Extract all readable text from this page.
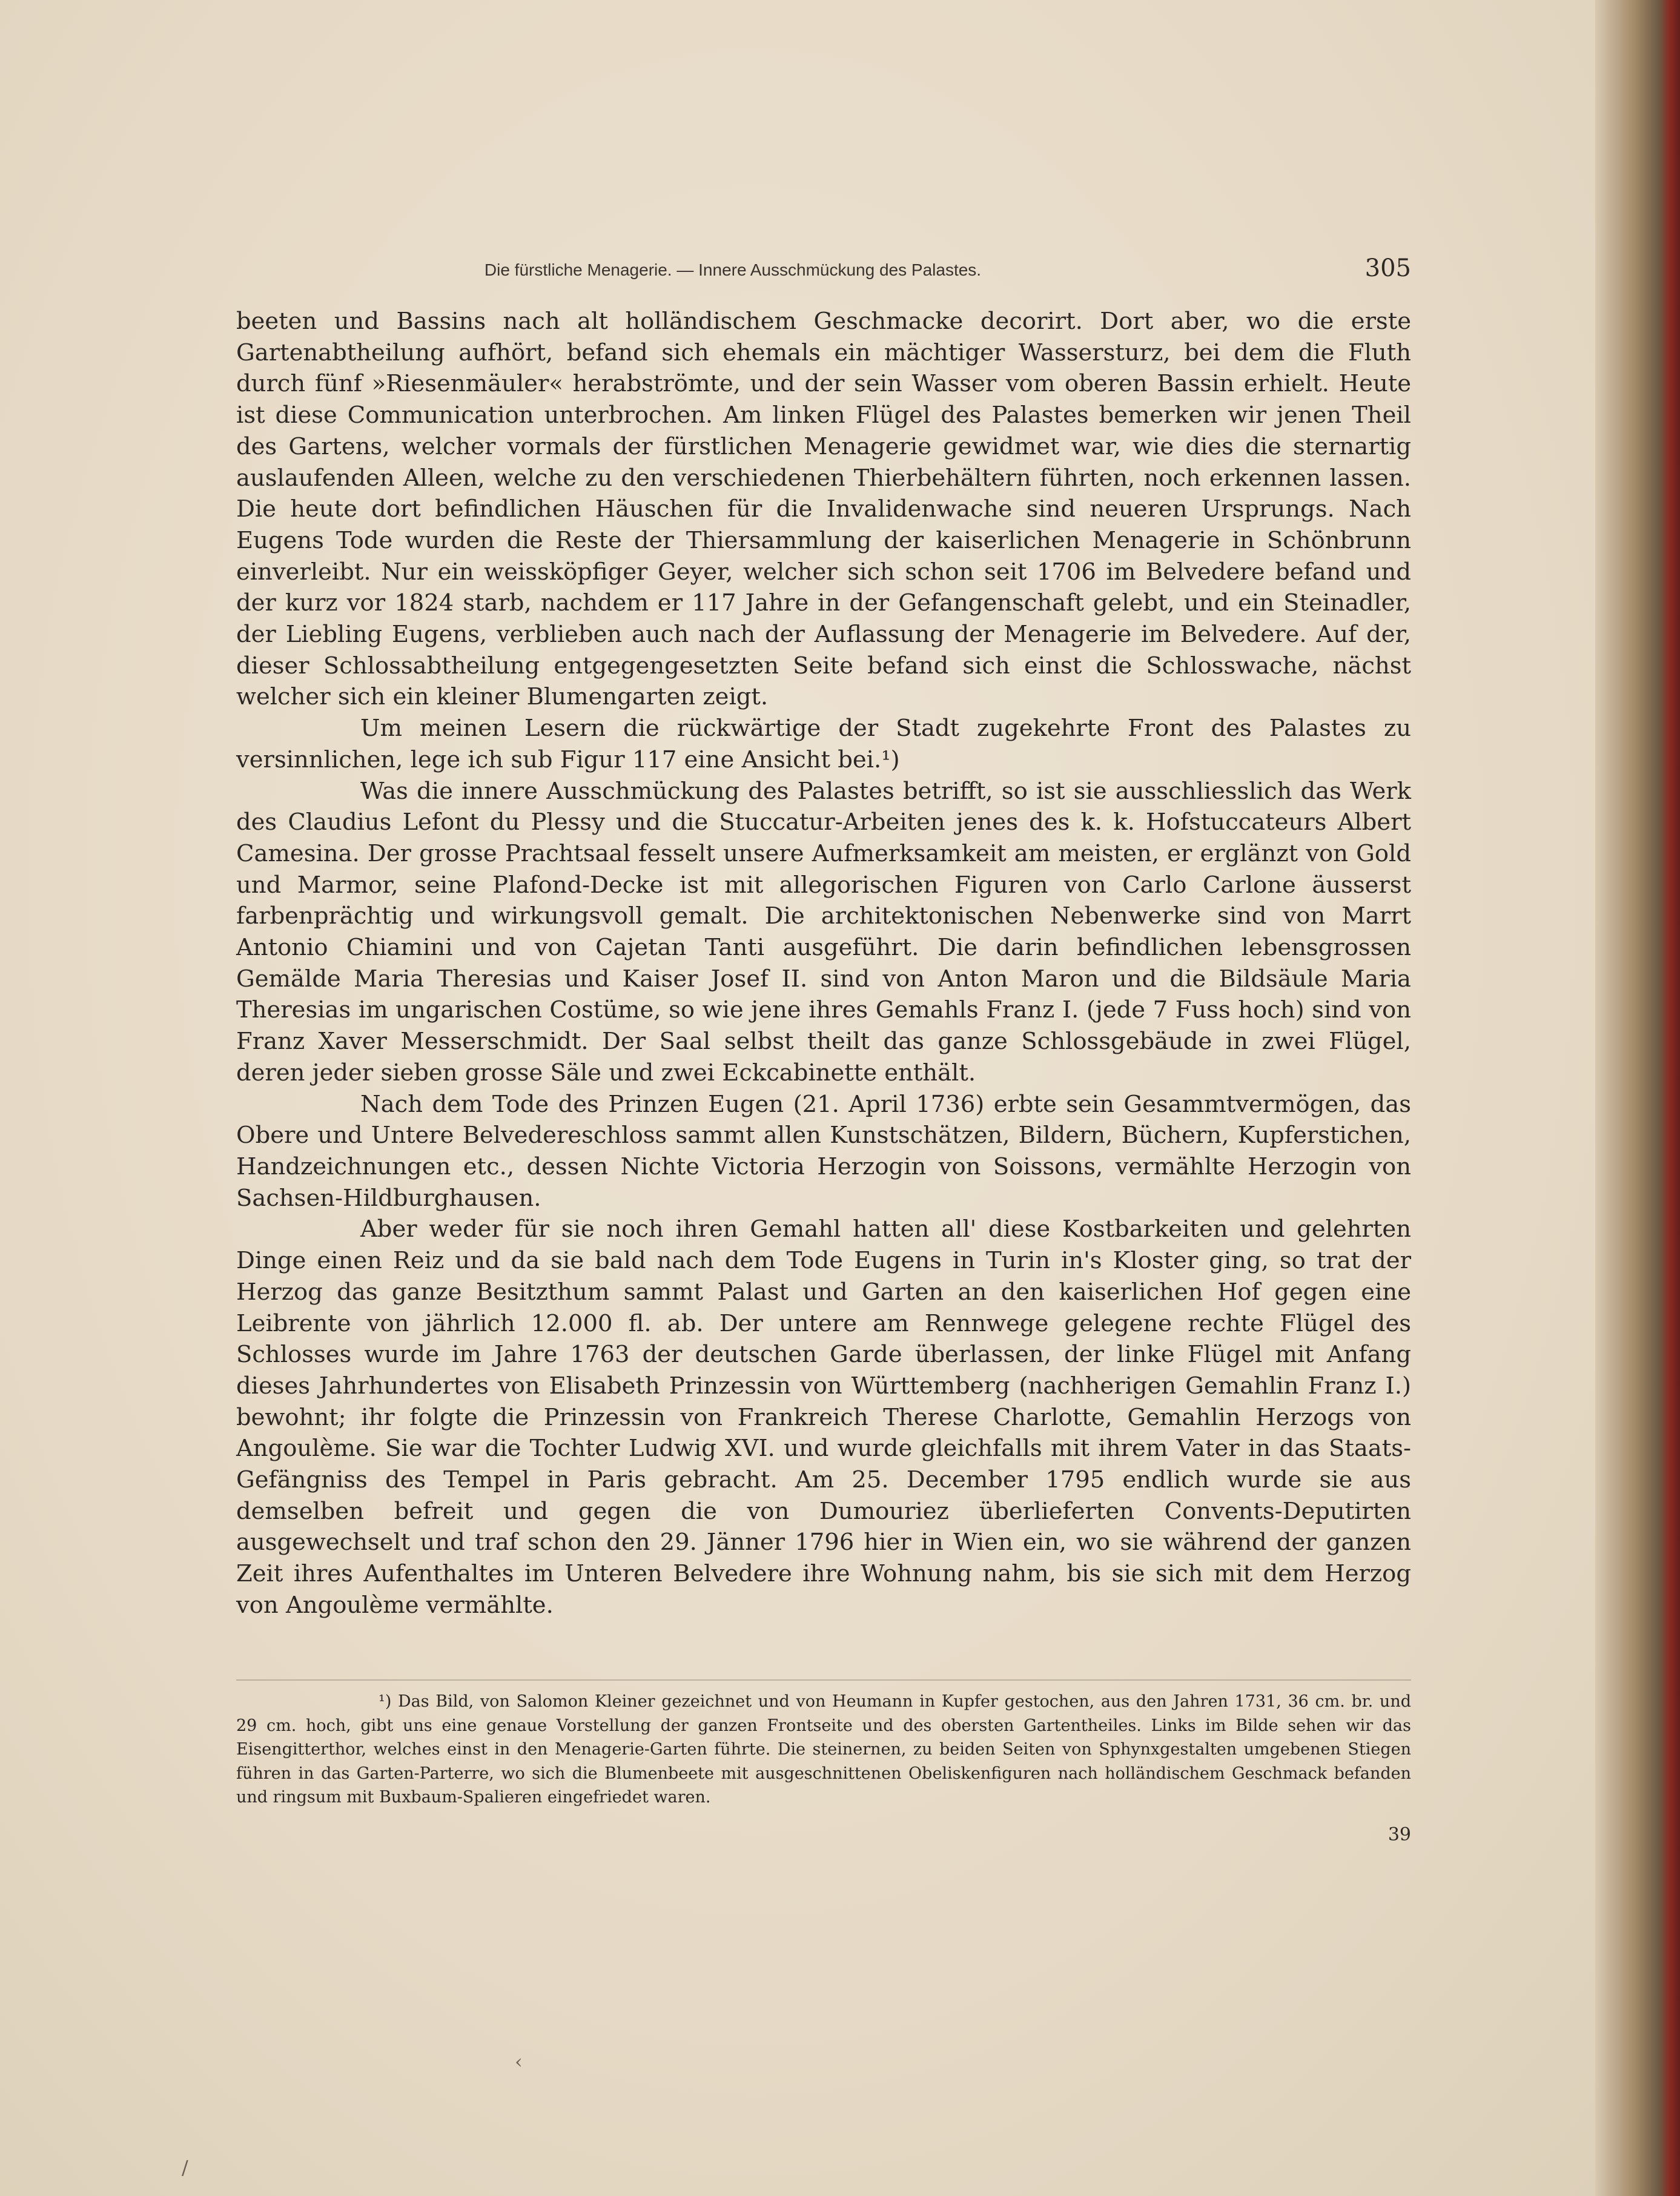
Die fürstliche Menagerie. — Innere Ausschmückung des Palastes.	305

beeten und Bassins nach alt holländischem Geschmacke decorirt. Dort aber, wo die erste Gartenabtheilung aufhört, befand sich ehemals ein mächtiger Wassersturz, bei dem die Fluth durch fünf »Riesenmäuler« herabströmte, und der sein Wasser vom oberen Bassin erhielt. Heute ist diese Communication unterbrochen. Am linken Flügel des Palastes bemerken wir jenen Theil des Gartens, welcher vormals der fürstlichen Menagerie gewidmet war, wie dies die sternartig auslaufenden Alleen, welche zu den verschiedenen Thierbehältern führten, noch erkennen lassen. Die heute dort befindlichen Häuschen für die Invalidenwache sind neueren Ursprungs. Nach Eugens Tode wurden die Reste der Thiersammlung der kaiserlichen Menagerie in Schönbrunn einverleibt. Nur ein weissköpfiger Geyer, welcher sich schon seit 1706 im Belvedere befand und der kurz vor 1824 starb, nachdem er 117 Jahre in der Gefangenschaft gelebt, und ein Steinadler, der Liebling Eugens, verblieben auch nach der Auflassung der Menagerie im Belvedere. Auf der, dieser Schlossabtheilung entgegengesetzten Seite befand sich einst die Schlosswache, nächst welcher sich ein kleiner Blumengarten zeigt.

Um meinen Lesern die rückwärtige der Stadt zugekehrte Front des Palastes zu versinnlichen, lege ich sub Figur 117 eine Ansicht bei.¹)

Was die innere Ausschmückung des Palastes betrifft, so ist sie ausschliesslich das Werk des Claudius Lefont du Plessy und die Stuccatur-Arbeiten jenes des k. k. Hofstuccateurs Albert Camesina. Der grosse Prachtsaal fesselt unsere Aufmerksamkeit am meisten, er erglänzt von Gold und Marmor, seine Plafond-Decke ist mit allegorischen Figuren von Carlo Carlone äusserst farbenprächtig und wirkungsvoll gemalt. Die architektonischen Nebenwerke sind von Marrt Antonio Chiamini und von Cajetan Tanti ausgeführt. Die darin befindlichen lebensgrossen Gemälde Maria Theresias und Kaiser Josef II. sind von Anton Maron und die Bildsäule Maria Theresias im ungarischen Costüme, so wie jene ihres Gemahls Franz I. (jede 7 Fuss hoch) sind von Franz Xaver Messerschmidt. Der Saal selbst theilt das ganze Schlossgebäude in zwei Flügel, deren jeder sieben grosse Säle und zwei Eckcabinette enthält.

Nach dem Tode des Prinzen Eugen (21. April 1736) erbte sein Gesammtvermögen, das Obere und Untere Belvedereschloss sammt allen Kunstschätzen, Bildern, Büchern, Kupferstichen, Handzeichnungen etc., dessen Nichte Victoria Herzogin von Soissons, vermählte Herzogin von Sachsen-Hildburghausen.

Aber weder für sie noch ihren Gemahl hatten all' diese Kostbarkeiten und gelehrten Dinge einen Reiz und da sie bald nach dem Tode Eugens in Turin in's Kloster ging, so trat der Herzog das ganze Besitzthum sammt Palast und Garten an den kaiserlichen Hof gegen eine Leibrente von jährlich 12.000 fl. ab. Der untere am Rennwege gelegene rechte Flügel des Schlosses wurde im Jahre 1763 der deutschen Garde überlassen, der linke Flügel mit Anfang dieses Jahrhundertes von Elisabeth Prinzessin von Württemberg (nachherigen Gemahlin Franz I.) bewohnt; ihr folgte die Prinzessin von Frankreich Therese Charlotte, Gemahlin Herzogs von Angoulème. Sie war die Tochter Ludwig XVI. und wurde gleichfalls mit ihrem Vater in das Staats-Gefängniss des Tempel in Paris gebracht. Am 25. December 1795 endlich wurde sie aus demselben befreit und gegen die von Dumouriez überlieferten Convents-Deputirten ausgewechselt und traf schon den 29. Jänner 1796 hier in Wien ein, wo sie während der ganzen Zeit ihres Aufenthaltes im Unteren Belvedere ihre Wohnung nahm, bis sie sich mit dem Herzog von Angoulème vermählte.

¹) Das Bild, von Salomon Kleiner gezeichnet und von Heumann in Kupfer gestochen, aus den Jahren 1731, 36 cm. br. und 29 cm. hoch, gibt uns eine genaue Vorstellung der ganzen Frontseite und des obersten Gartentheiles. Links im Bilde sehen wir das Eisengitterthor, welches einst in den Menagerie-Garten führte. Die steinernen, zu beiden Seiten von Sphynxgestalten umgebenen Stiegen führen in das Garten-Parterre, wo sich die Blumenbeete mit ausgeschnittenen Obeliskenfiguren nach holländischem Geschmack befanden und ringsum mit Buxbaum-Spalieren eingefriedet waren.

39
‹
/
